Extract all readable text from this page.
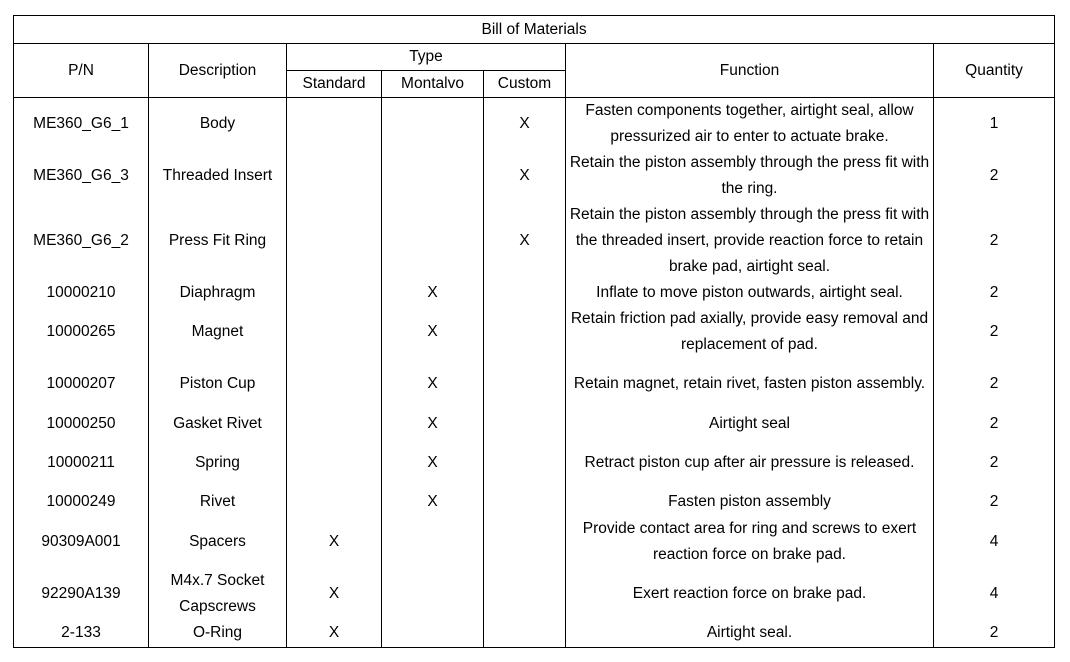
Bill of Materials						
P/N	Description	Type			Function	Quantity
		Standard	Montalvo	Custom		
ME360_G6_1	Body			X	Fasten components together, airtight seal, allow pressurized air to enter to actuate brake.	1
ME360_G6_3	Threaded Insert			X	Retain the piston assembly through the press fit with the ring.	2
ME360_G6_2	Press Fit Ring			X	Retain the piston assembly through the press fit with the threaded insert, provide reaction force to retain brake pad, airtight seal.	2
10000210	Diaphragm		X		Inflate to move piston outwards, airtight seal.	2
10000265	Magnet		X		Retain friction pad axially, provide easy removal and replacement of pad.	2
10000207	Piston Cup		X		Retain magnet, retain rivet, fasten piston assembly.	2
10000250	Gasket Rivet		X		Airtight seal	2
10000211	Spring		X		Retract piston cup after air pressure is released.	2
10000249	Rivet		X		Fasten piston assembly	2
90309A001	Spacers	X			Provide contact area for ring and screws to exert reaction force on brake pad.	4
92290A139	M4x.7 Socket Capscrews	X			Exert reaction force on brake pad.	4
2-133	O-Ring	X			Airtight seal.	2
